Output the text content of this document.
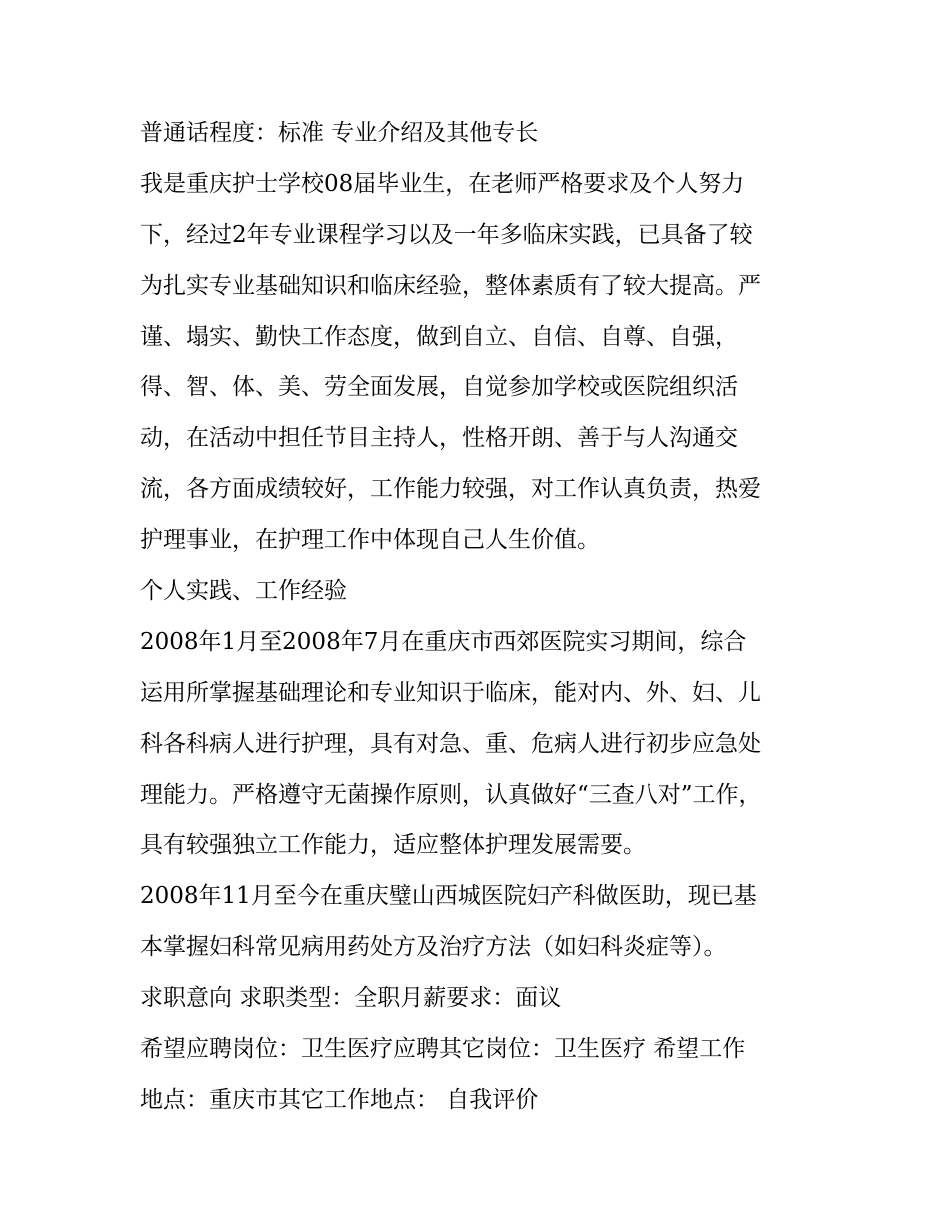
普通话程度：标准 专业介绍及其他专长
我是重庆护士学校08届毕业生，在老师严格要求及个人努力
下，经过2年专业课程学习以及一年多临床实践，已具备了较
为扎实专业基础知识和临床经验，整体素质有了较大提高。严
谨、塌实、勤快工作态度，做到自立、自信、自尊、自强，
得、智、体、美、劳全面发展，自觉参加学校或医院组织活
动，在活动中担任节目主持人，性格开朗、善于与人沟通交
流，各方面成绩较好，工作能力较强，对工作认真负责，热爱
护理事业，在护理工作中体现自己人生价值。
个人实践、工作经验
2008年1月至2008年7月在重庆市西郊医院实习期间，综合
运用所掌握基础理论和专业知识于临床，能对内、外、妇、儿
科各科病人进行护理，具有对急、重、危病人进行初步应急处
理能力。严格遵守无菌操作原则，认真做好“三查八对”工作，
具有较强独立工作能力，适应整体护理发展需要。
2008年11月至今在重庆璧山西城医院妇产科做医助，现已基
本掌握妇科常见病用药处方及治疗方法（如妇科炎症等）。
求职意向 求职类型：全职月薪要求：面议
希望应聘岗位：卫生医疗应聘其它岗位：卫生医疗 希望工作
地点：重庆市其它工作地点： 自我评价
